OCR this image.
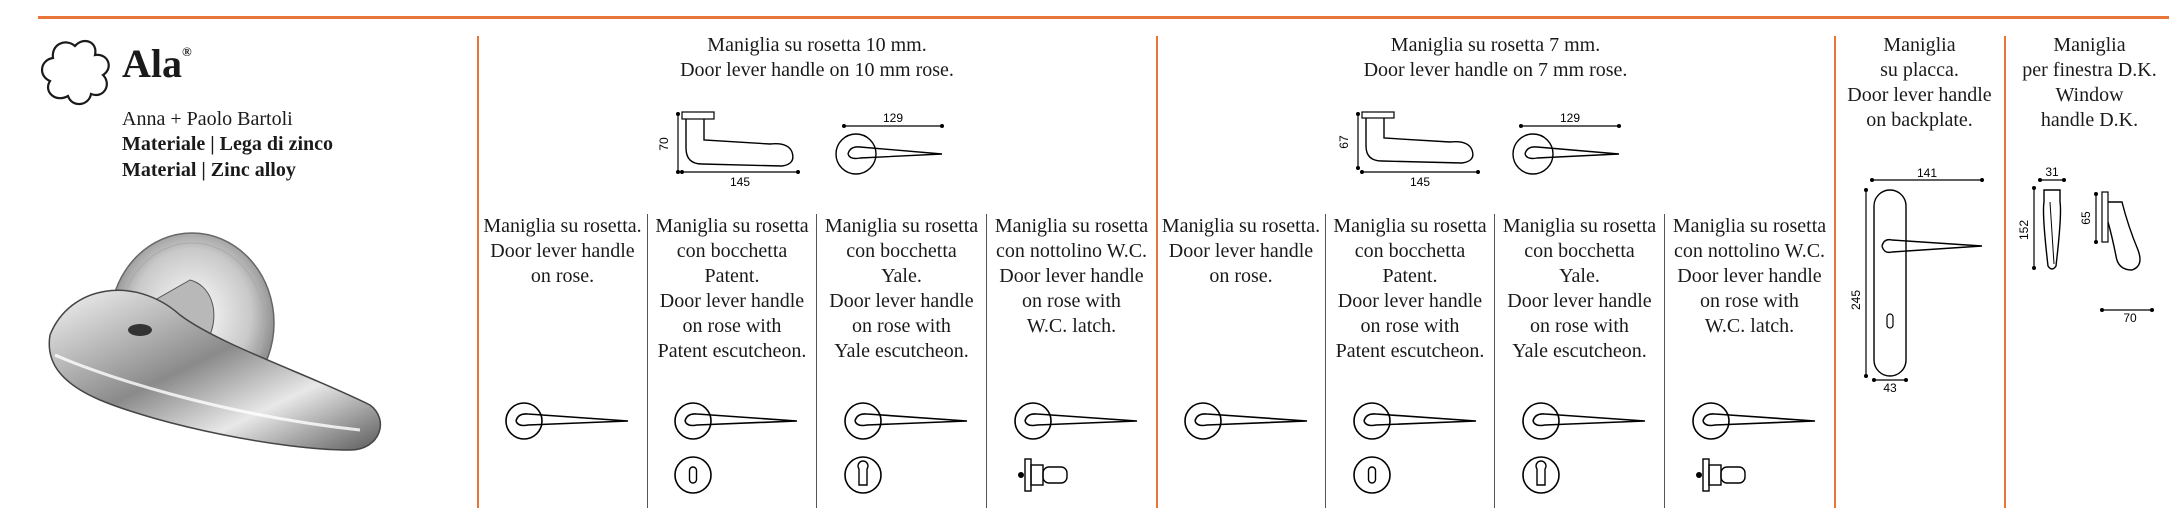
Ala®
Anna + Paolo Bartoli
Materiale | Lega di zinco
Material | Zinc alloy
Maniglia su rosetta 10 mm.
Door lever handle on 10 mm rose.
Maniglia su rosetta 7 mm.
Door lever handle on 7 mm rose.
Maniglia
su placca.
Door lever handle
on backplate.
Maniglia
per finestra D.K.
Window
handle D.K.
70
145
129
67
145
129
141
245
43
31
152
65
70
Maniglia su rosetta.
Door lever handle
on rose.
Maniglia su rosetta
con bocchetta
Patent.
Door lever handle
on rose with
Patent escutcheon.
Maniglia su rosetta
con bocchetta
Yale.
Door lever handle
on rose with
Yale escutcheon.
Maniglia su rosetta
con nottolino W.C.
Door lever handle
on rose with
W.C. latch.
Maniglia su rosetta.
Door lever handle
on rose.
Maniglia su rosetta
con bocchetta
Patent.
Door lever handle
on rose with
Patent escutcheon.
Maniglia su rosetta
con bocchetta
Yale.
Door lever handle
on rose with
Yale escutcheon.
Maniglia su rosetta
con nottolino W.C.
Door lever handle
on rose with
W.C. latch.
